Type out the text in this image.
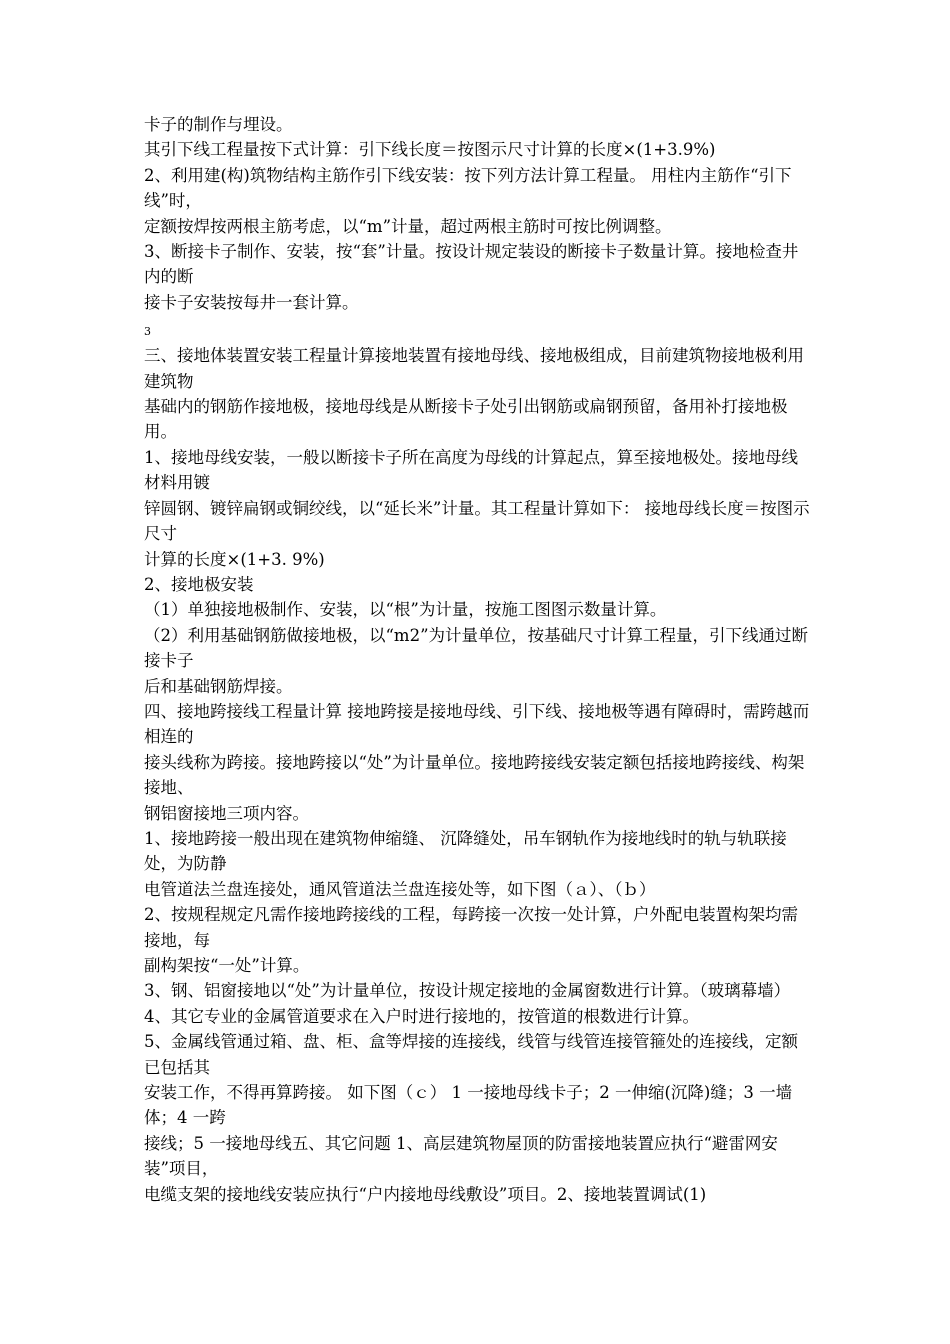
卡子的制作与埋设。

其引下线工程量按下式计算：引下线长度＝按图示尺寸计算的长度×(1+3.9%)

2、利用建(构)筑物结构主筋作引下线安装：按下列方法计算工程量。 用柱内主筋作“引下线”时，

定额按焊按两根主筋考虑，以“m”计量，超过两根主筋时可按比例调整。

3、断接卡子制作、安装，按“套”计量。按设计规定装设的断接卡子数量计算。接地检查井内的断

接卡子安装按每井一套计算。

3

三、接地体装置安装工程量计算接地装置有接地母线、接地极组成，目前建筑物接地极利用建筑物

基础内的钢筋作接地极，接地母线是从断接卡子处引出钢筋或扁钢预留，备用补打接地极用。

1、接地母线安装，一般以断接卡子所在高度为母线的计算起点，算至接地极处。接地母线材料用镀

锌圆钢、镀锌扁钢或铜绞线，以“延长米”计量。其工程量计算如下： 接地母线长度＝按图示尺寸

计算的长度×(1+3. 9%)

2、接地极安装

（1）单独接地极制作、安装，以“根”为计量，按施工图图示数量计算。

（2）利用基础钢筋做接地极，以“m2”为计量单位，按基础尺寸计算工程量，引下线通过断接卡子

后和基础钢筋焊接。

四、接地跨接线工程量计算 接地跨接是接地母线、引下线、接地极等遇有障碍时，需跨越而相连的

接头线称为跨接。接地跨接以“处”为计量单位。接地跨接线安装定额包括接地跨接线、构架接地、

钢铝窗接地三项内容。

1、接地跨接一般出现在建筑物伸缩缝、 沉降缝处，吊车钢轨作为接地线时的轨与轨联接处，为防静

电管道法兰盘连接处，通风管道法兰盘连接处等，如下图（ａ）、（ｂ）

2、按规程规定凡需作接地跨接线的工程，每跨接一次按一处计算，户外配电装置构架均需接地，每

副构架按“一处”计算。

3、钢、铝窗接地以“处”为计量单位，按设计规定接地的金属窗数进行计算。（玻璃幕墙）

4、其它专业的金属管道要求在入户时进行接地的，按管道的根数进行计算。

5、金属线管通过箱、盘、柜、盒等焊接的连接线，线管与线管连接管箍处的连接线，定额已包括其

安装工作，不得再算跨接。 如下图（ｃ） 1 一接地母线卡子；2 一伸缩(沉降)缝；3 一墙体；4 一跨

接线；5 一接地母线五、其它问题 1、高层建筑物屋顶的防雷接地装置应执行“避雷网安装”项目，

电缆支架的接地线安装应执行“户内接地母线敷设”项目。2、接地装置调试(1)
